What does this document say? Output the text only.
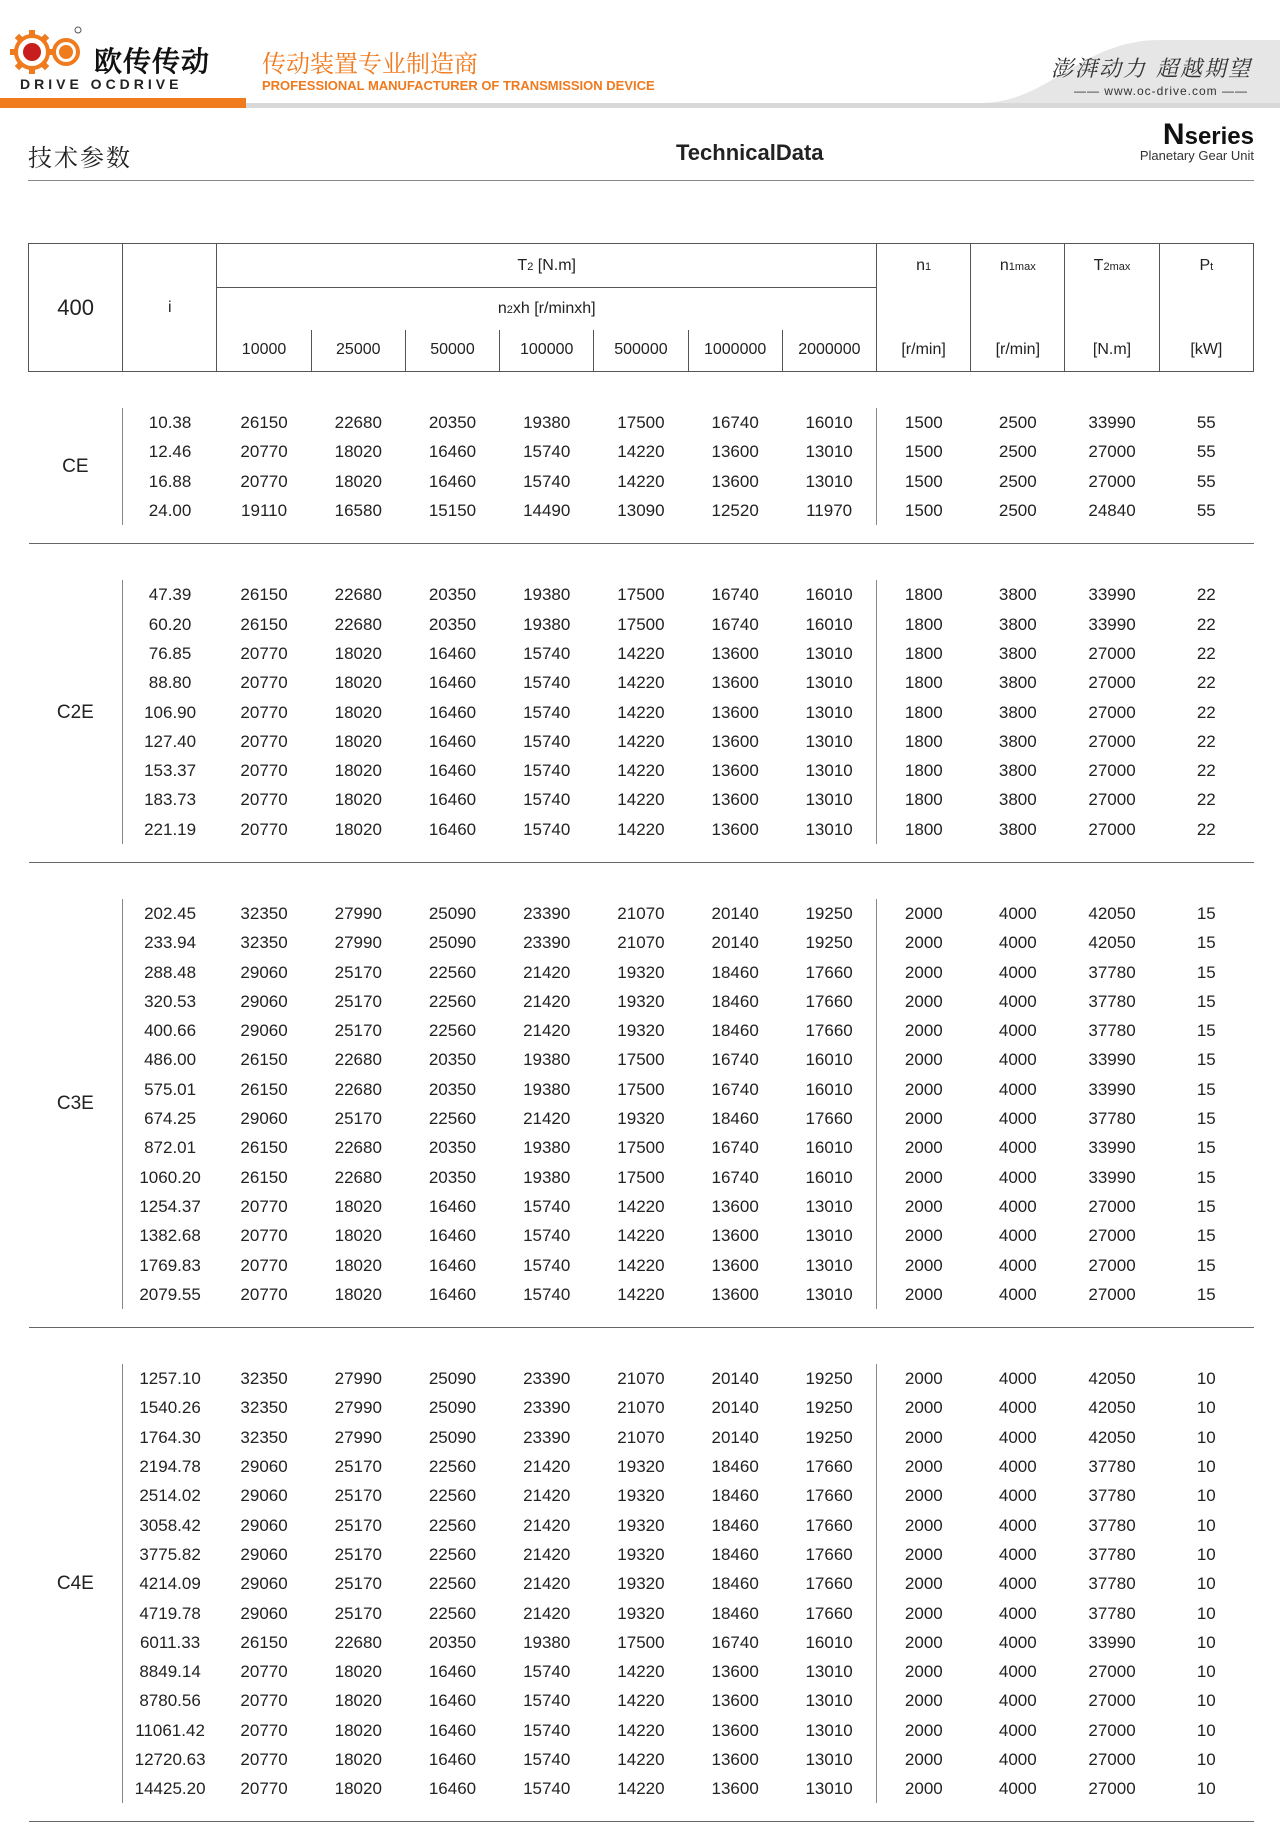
欧传传动
DRIVE OCDRIVE
传动装置专业制造商
PROFESSIONAL MANUFACTURER OF TRANSMISSION DEVICE
澎湃动力 超越期望
—— www.oc-drive.com ——
技术参数	TechnicalData
Nseries
Planetary Gear Unit
400	i	T2 [N.m]							n1	n1max	T2max	Pt
		n2xh [r/minxh]										
		10000	25000	50000	100000	500000	1000000	2000000	[r/min]	[r/min]	[N.m]	[kW]

CE	10.38	26150	22680	20350	19380	17500	16740	16010	1500	2500	33990	55
	12.46	20770	18020	16460	15740	14220	13600	13010	1500	2500	27000	55
	16.88	20770	18020	16460	15740	14220	13600	13010	1500	2500	27000	55
	24.00	19110	16580	15150	14490	13090	12520	11970	1500	2500	24840	55

C2E	47.39	26150	22680	20350	19380	17500	16740	16010	1800	3800	33990	22
	60.20	26150	22680	20350	19380	17500	16740	16010	1800	3800	33990	22
	76.85	20770	18020	16460	15740	14220	13600	13010	1800	3800	27000	22
	88.80	20770	18020	16460	15740	14220	13600	13010	1800	3800	27000	22
	106.90	20770	18020	16460	15740	14220	13600	13010	1800	3800	27000	22
	127.40	20770	18020	16460	15740	14220	13600	13010	1800	3800	27000	22
	153.37	20770	18020	16460	15740	14220	13600	13010	1800	3800	27000	22
	183.73	20770	18020	16460	15740	14220	13600	13010	1800	3800	27000	22
	221.19	20770	18020	16460	15740	14220	13600	13010	1800	3800	27000	22

C3E	202.45	32350	27990	25090	23390	21070	20140	19250	2000	4000	42050	15
	233.94	32350	27990	25090	23390	21070	20140	19250	2000	4000	42050	15
	288.48	29060	25170	22560	21420	19320	18460	17660	2000	4000	37780	15
	320.53	29060	25170	22560	21420	19320	18460	17660	2000	4000	37780	15
	400.66	29060	25170	22560	21420	19320	18460	17660	2000	4000	37780	15
	486.00	26150	22680	20350	19380	17500	16740	16010	2000	4000	33990	15
	575.01	26150	22680	20350	19380	17500	16740	16010	2000	4000	33990	15
	674.25	29060	25170	22560	21420	19320	18460	17660	2000	4000	37780	15
	872.01	26150	22680	20350	19380	17500	16740	16010	2000	4000	33990	15
	1060.20	26150	22680	20350	19380	17500	16740	16010	2000	4000	33990	15
	1254.37	20770	18020	16460	15740	14220	13600	13010	2000	4000	27000	15
	1382.68	20770	18020	16460	15740	14220	13600	13010	2000	4000	27000	15
	1769.83	20770	18020	16460	15740	14220	13600	13010	2000	4000	27000	15
	2079.55	20770	18020	16460	15740	14220	13600	13010	2000	4000	27000	15

C4E	1257.10	32350	27990	25090	23390	21070	20140	19250	2000	4000	42050	10
	1540.26	32350	27990	25090	23390	21070	20140	19250	2000	4000	42050	10
	1764.30	32350	27990	25090	23390	21070	20140	19250	2000	4000	42050	10
	2194.78	29060	25170	22560	21420	19320	18460	17660	2000	4000	37780	10
	2514.02	29060	25170	22560	21420	19320	18460	17660	2000	4000	37780	10
	3058.42	29060	25170	22560	21420	19320	18460	17660	2000	4000	37780	10
	3775.82	29060	25170	22560	21420	19320	18460	17660	2000	4000	37780	10
	4214.09	29060	25170	22560	21420	19320	18460	17660	2000	4000	37780	10
	4719.78	29060	25170	22560	21420	19320	18460	17660	2000	4000	37780	10
	6011.33	26150	22680	20350	19380	17500	16740	16010	2000	4000	33990	10
	8849.14	20770	18020	16460	15740	14220	13600	13010	2000	4000	27000	10
	8780.56	20770	18020	16460	15740	14220	13600	13010	2000	4000	27000	10
	11061.42	20770	18020	16460	15740	14220	13600	13010	2000	4000	27000	10
	12720.63	20770	18020	16460	15740	14220	13600	13010	2000	4000	27000	10
	14425.20	20770	18020	16460	15740	14220	13600	13010	2000	4000	27000	10
